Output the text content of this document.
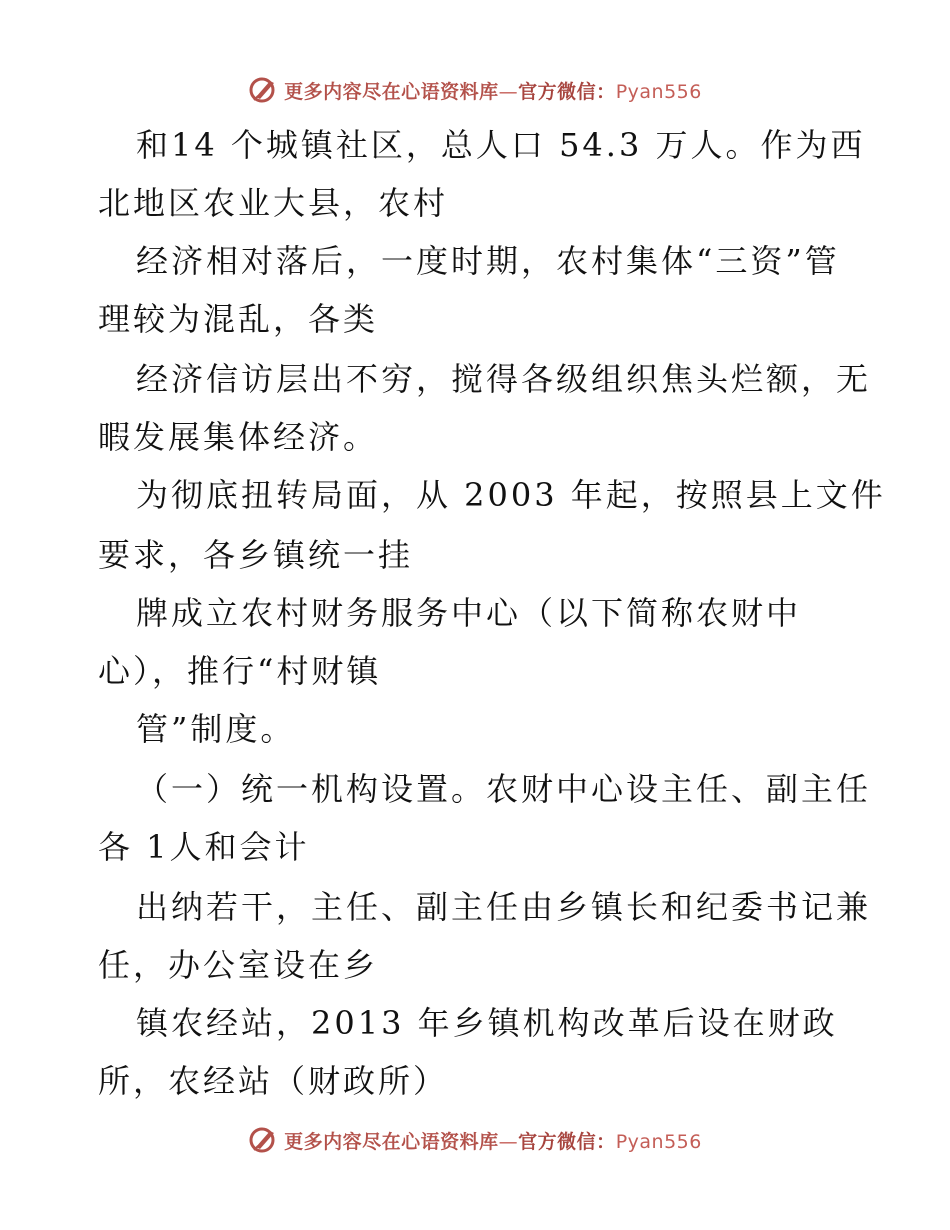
更多内容尽在心语资料库—官方微信：Pyan556
和14 个城镇社区，总人口 54.3 万人。作为西
北地区农业大县，农村
经济相对落后，一度时期，农村集体“三资”管
理较为混乱，各类
经济信访层出不穷，搅得各级组织焦头烂额，无
暇发展集体经济。
为彻底扭转局面，从 2003 年起，按照县上文件
要求，各乡镇统一挂
牌成立农村财务服务中心（以下简称农财中
心），推行“村财镇
管”制度。
（一）统一机构设置。农财中心设主任、副主任
各 1人和会计
出纳若干，主任、副主任由乡镇长和纪委书记兼
任，办公室设在乡
镇农经站，2013 年乡镇机构改革后设在财政
所，农经站（财政所）
更多内容尽在心语资料库—官方微信：Pyan556
